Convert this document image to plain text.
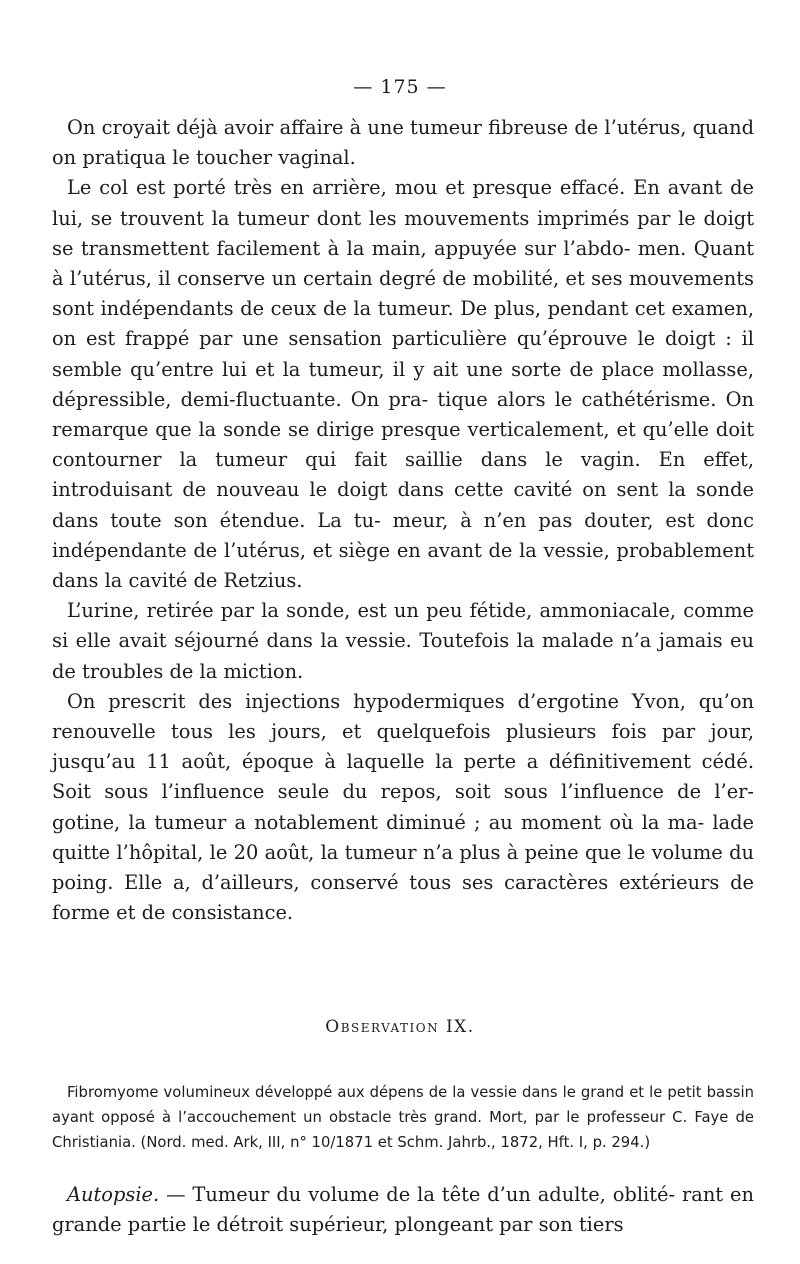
— 175 —

On croyait déjà avoir affaire à une tumeur fibreuse de l’utérus, quand on pratiqua le toucher vaginal.

Le col est porté très en arrière, mou et presque effacé. En avant de lui, se trouvent la tumeur dont les mouvements imprimés par le doigt se transmettent facilement à la main, appuyée sur l’abdo- men. Quant à l’utérus, il conserve un certain degré de mobilité, et ses mouvements sont indépendants de ceux de la tumeur. De plus, pendant cet examen, on est frappé par une sensation particulière qu’éprouve le doigt : il semble qu’entre lui et la tumeur, il y ait une sorte de place mollasse, dépressible, demi-fluctuante. On pra- tique alors le cathétérisme. On remarque que la sonde se dirige presque verticalement, et qu’elle doit contourner la tumeur qui fait saillie dans le vagin. En effet, introduisant de nouveau le doigt dans cette cavité on sent la sonde dans toute son étendue. La tu- meur, à n’en pas douter, est donc indépendante de l’utérus, et siège en avant de la vessie, probablement dans la cavité de Retzius.

L’urine, retirée par la sonde, est un peu fétide, ammoniacale, comme si elle avait séjourné dans la vessie. Toutefois la malade n’a jamais eu de troubles de la miction.

On prescrit des injections hypodermiques d’ergotine Yvon, qu’on renouvelle tous les jours, et quelquefois plusieurs fois par jour, jusqu’au 11 août, époque à laquelle la perte a définitivement cédé. Soit sous l’influence seule du repos, soit sous l’influence de l’er- gotine, la tumeur a notablement diminué ; au moment où la ma- lade quitte l’hôpital, le 20 août, la tumeur n’a plus à peine que le volume du poing. Elle a, d’ailleurs, conservé tous ses caractères extérieurs de forme et de consistance.

Observation IX.

Fibromyome volumineux développé aux dépens de la vessie dans le grand et le petit bassin ayant opposé à l’accouchement un obstacle très grand. Mort, par le professeur C. Faye de Christiania. (Nord. med. Ark, III, n° 10/1871 et Schm. Jahrb., 1872, Hft. I, p. 294.)

Autopsie. — Tumeur du volume de la tête d’un adulte, oblité- rant en grande partie le détroit supérieur, plongeant par son tiers
